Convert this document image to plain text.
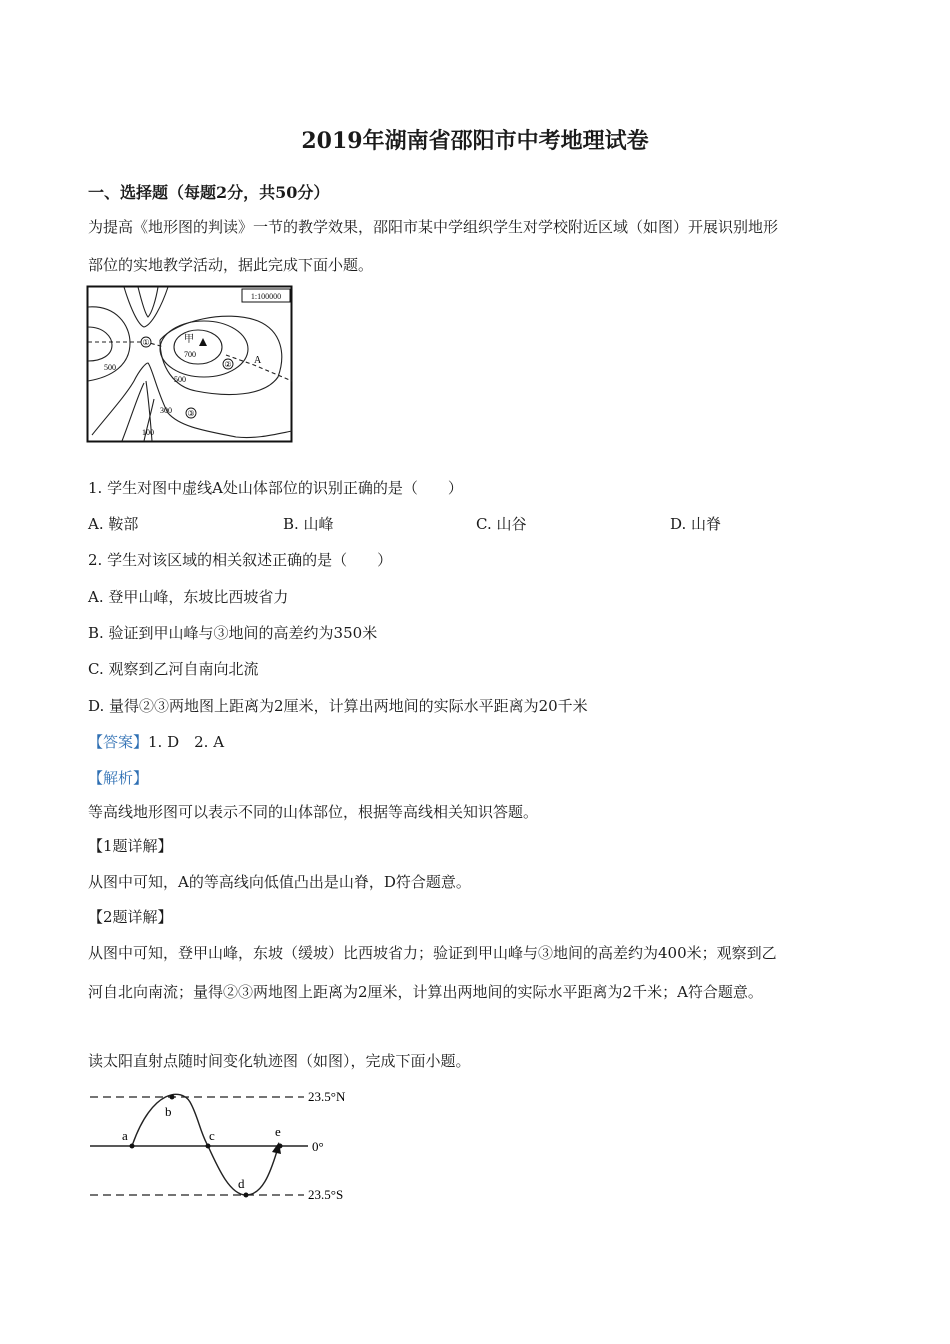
2019年湖南省邵阳市中考地理试卷
一、选择题（每题2分，共50分）
为提高《地形图的判读》一节的教学效果，邵阳市某中学组织学生对学校附近区域（如图）开展识别地形
部位的实地教学活动，据此完成下面小题。
1:100000
①
②
③
甲
700
A
500
500
300
100
1. 学生对图中虚线A处山体部位的识别正确的是（　　）
A. 鞍部	B. 山峰	C. 山谷	D. 山脊
2. 学生对该区域的相关叙述正确的是（　　）
A. 登甲山峰，东坡比西坡省力
B. 验证到甲山峰与③地间的高差约为350米
C. 观察到乙河自南向北流
D. 量得②③两地图上距离为2厘米，计算出两地间的实际水平距离为20千米
【答案】1. D　2. A
【解析】
等高线地形图可以表示不同的山体部位，根据等高线相关知识答题。
【1题详解】
从图中可知，A的等高线向低值凸出是山脊，D符合题意。
【2题详解】
从图中可知，登甲山峰，东坡（缓坡）比西坡省力；验证到甲山峰与③地间的高差约为400米；观察到乙
河自北向南流；量得②③两地图上距离为2厘米，计算出两地间的实际水平距离为2千米；A符合题意。
读太阳直射点随时间变化轨迹图（如图），完成下面小题。
a
b
c
d
e
23.5°N
0°
23.5°S
